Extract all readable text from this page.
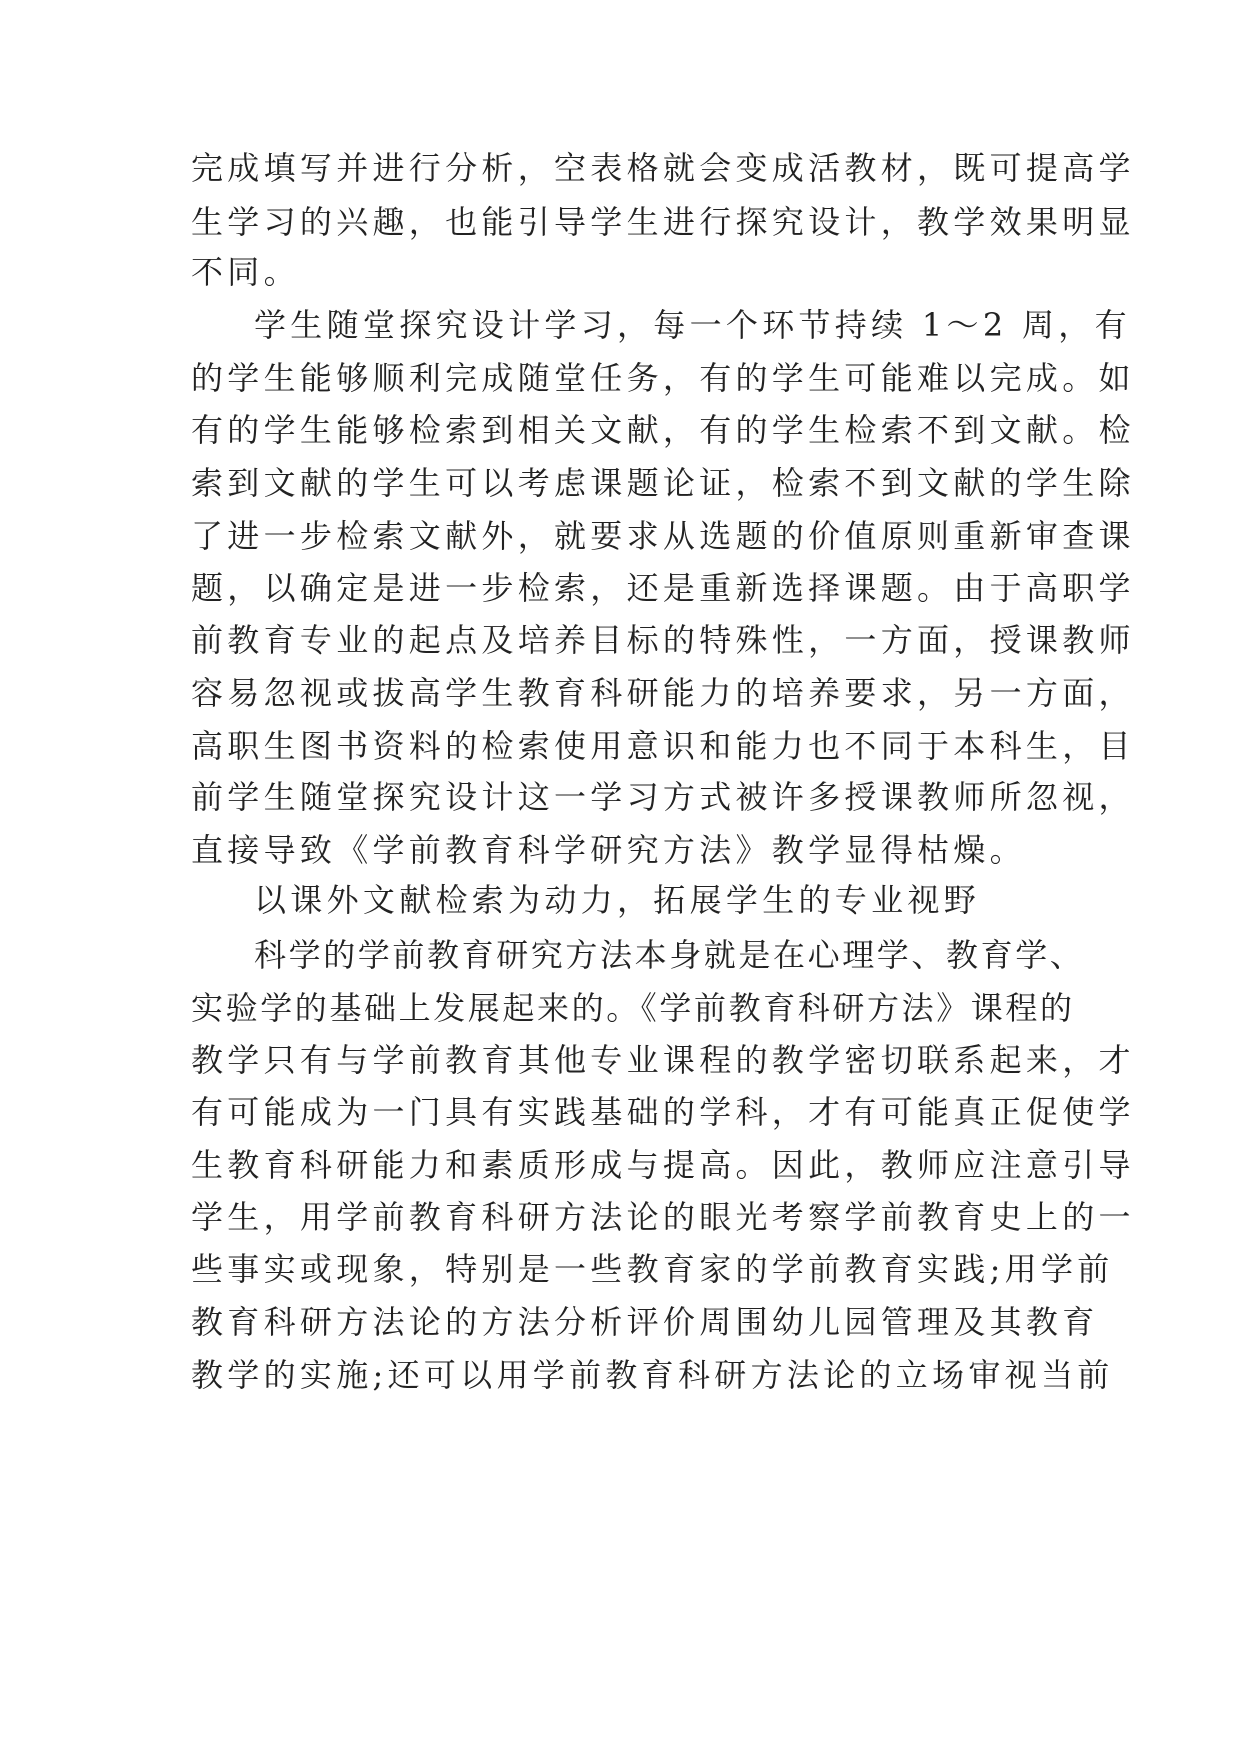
完成填写并进行分析，空表格就会变成活教材，既可提高学

生学习的兴趣，也能引导学生进行探究设计，教学效果明显

不同。

学生随堂探究设计学习，每一个环节持续 1～2 周，有

的学生能够顺利完成随堂任务，有的学生可能难以完成。如

有的学生能够检索到相关文献，有的学生检索不到文献。检

索到文献的学生可以考虑课题论证，检索不到文献的学生除

了进一步检索文献外，就要求从选题的价值原则重新审查课

题，以确定是进一步检索，还是重新选择课题。由于高职学

前教育专业的起点及培养目标的特殊性，一方面，授课教师

容易忽视或拔高学生教育科研能力的培养要求，另一方面，

高职生图书资料的检索使用意识和能力也不同于本科生，目

前学生随堂探究设计这一学习方式被许多授课教师所忽视，

直接导致《学前教育科学研究方法》教学显得枯燥。

以课外文献检索为动力，拓展学生的专业视野

科学的学前教育研究方法本身就是在心理学、教育学、

实验学的基础上发展起来的。《学前教育科研方法》课程的

教学只有与学前教育其他专业课程的教学密切联系起来，才

有可能成为一门具有实践基础的学科，才有可能真正促使学

生教育科研能力和素质形成与提高。因此，教师应注意引导

学生，用学前教育科研方法论的眼光考察学前教育史上的一

些事实或现象，特别是一些教育家的学前教育实践;用学前

教育科研方法论的方法分析评价周围幼儿园管理及其教育

教学的实施;还可以用学前教育科研方法论的立场审视当前
